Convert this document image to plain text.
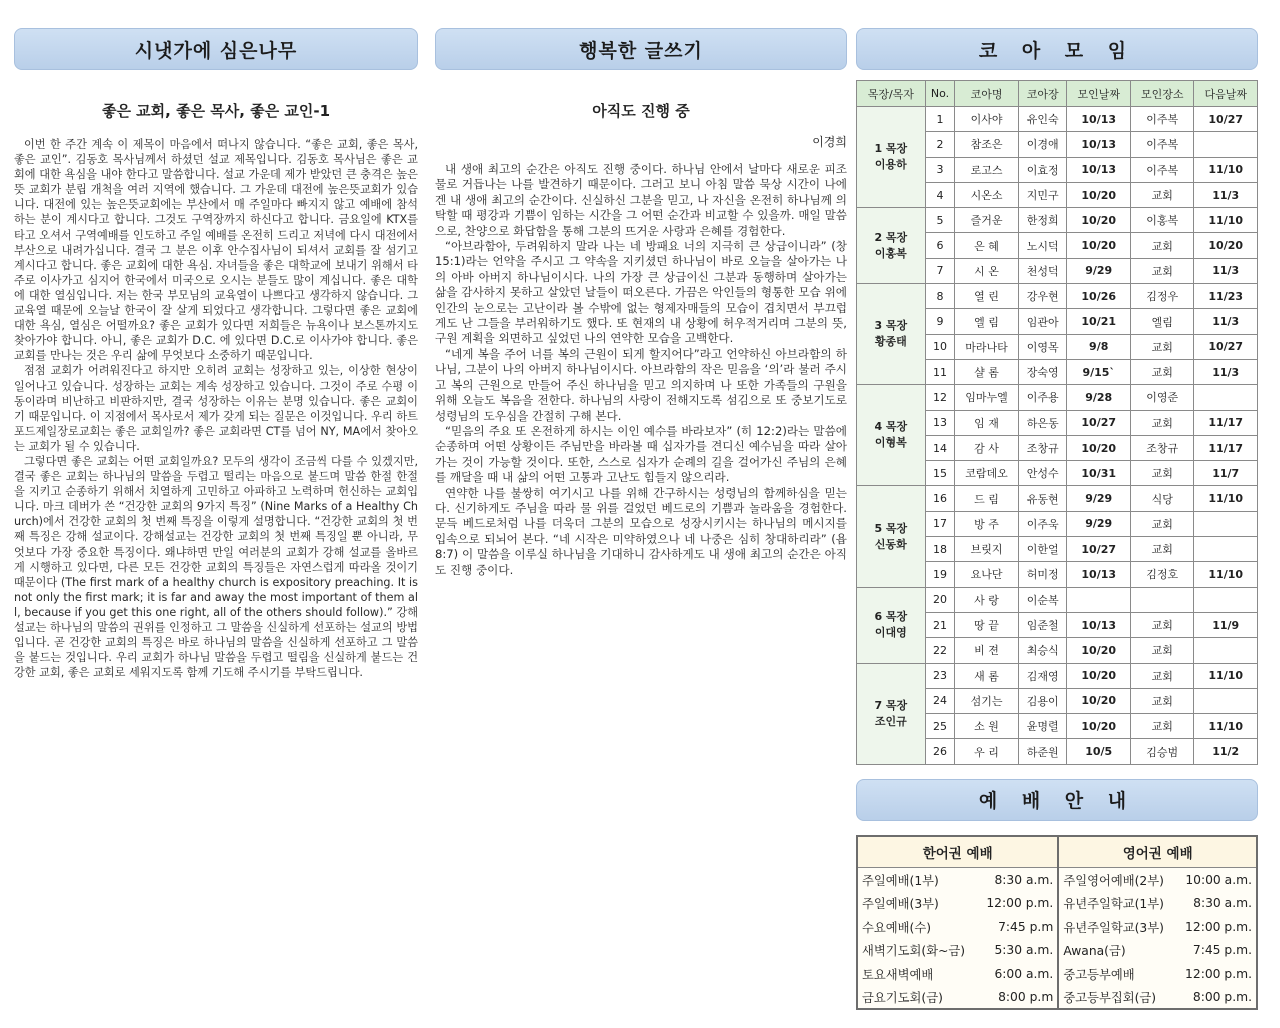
시냇가에 심은나무
좋은 교회, 좋은 목사, 좋은 교인-1

이번 한 주간 계속 이 제목이 마음에서 떠나지 않습니다. “좋은 교회, 좋은 목사, 좋은 교인”. 김동호 목사님께서 하셨던 설교 제목입니다. 김동호 목사님은 좋은 교회에 대한 욕심을 내야 한다고 말씀합니다. 설교 가운데 제가 받았던 큰 충격은 높은뜻 교회가 분립 개척을 여러 지역에 했습니다. 그 가운데 대전에 높은뜻교회가 있습니다. 대전에 있는 높은뜻교회에는 부산에서 매 주일마다 빠지지 않고 예배에 참석하는 분이 계시다고 합니다. 그것도 구역장까지 하신다고 합니다. 금요일에 KTX를 타고 오셔서 구역예배를 인도하고 주일 예배를 온전히 드리고 저녁에 다시 대전에서 부산으로 내려가십니다. 결국 그 분은 이후 안수집사님이 되셔서 교회를 잘 섬기고 계시다고 합니다. 좋은 교회에 대한 욕심. 자녀들을 좋은 대학교에 보내기 위해서 타주로 이사가고 심지어 한국에서 미국으로 오시는 분들도 많이 계십니다. 좋은 대학에 대한 열심입니다. 저는 한국 부모님의 교육열이 나쁘다고 생각하지 않습니다. 그 교육열 때문에 오늘날 한국이 잘 살게 되었다고 생각합니다. 그렇다면 좋은 교회에 대한 욕심, 열심은 어떨까요? 좋은 교회가 있다면 저희들은 뉴욕이나 보스톤까지도 찾아가야 합니다. 아니, 좋은 교회가 D.C. 에 있다면 D.C.로 이사가야 합니다. 좋은 교회를 만나는 것은 우리 삶에 무엇보다 소중하기 때문입니다.

점점 교회가 어려워진다고 하지만 오히려 교회는 성장하고 있는, 이상한 현상이 일어나고 있습니다. 성장하는 교회는 계속 성장하고 있습니다. 그것이 주로 수평 이동이라며 비난하고 비판하지만, 결국 성장하는 이유는 분명 있습니다. 좋은 교회이기 때문입니다. 이 지점에서 목사로서 제가 갖게 되는 질문은 이것입니다. 우리 하트포드제일장로교회는 좋은 교회일까? 좋은 교회라면 CT를 넘어 NY, MA에서 찾아오는 교회가 될 수 있습니다.

그렇다면 좋은 교회는 어떤 교회일까요? 모두의 생각이 조금씩 다를 수 있겠지만, 결국 좋은 교회는 하나님의 말씀을 두렵고 떨리는 마음으로 붙드며 말씀 한절 한절을 지키고 순종하기 위해서 치열하게 고민하고 아파하고 노력하며 헌신하는 교회입니다. 마크 데버가 쓴 “건강한 교회의 9가지 특징” (Nine Marks of a Healthy Church)에서 건강한 교회의 첫 번째 특징을 이렇게 설명합니다. “건강한 교회의 첫 번째 특징은 강해 설교이다. 강해설교는 건강한 교회의 첫 번째 특징일 뿐 아니라, 무엇보다 가장 중요한 특징이다. 왜냐하면 만일 여러분의 교회가 강해 설교를 올바르게 시행하고 있다면, 다른 모든 건강한 교회의 특징들은 자연스럽게 따라올 것이기 때문이다 (The first mark of a healthy church is expository preaching. It is not only the first mark; it is far and away the most important of them all, because if you get this one right, all of the others should follow).” 강해 설교는 하나님의 말씀의 권위를 인정하고 그 말씀을 신실하게 선포하는 설교의 방법입니다. 곧 건강한 교회의 특징은 바로 하나님의 말씀을 신실하게 선포하고 그 말씀을 붙드는 것입니다. 우리 교회가 하나님 말씀을 두렵고 떨림을 신실하게 붙드는 건강한 교회, 좋은 교회로 세워지도록 함께 기도해 주시기를 부탁드립니다.

행복한 글쓰기
아직도 진행 중
이경희

내 생애 최고의 순간은 아직도 진행 중이다. 하나님 안에서 날마다 새로운 피조물로 거듭나는 나를 발견하기 때문이다. 그러고 보니 아침 말씀 묵상 시간이 나에겐 내 생애 최고의 순간이다. 신실하신 그분을 믿고, 나 자신을 온전히 하나님께 의탁할 때 평강과 기쁨이 임하는 시간을 그 어떤 순간과 비교할 수 있을까. 매일 말씀으로, 찬양으로 화답함을 통해 그분의 뜨거운 사랑과 은혜를 경험한다.

“아브라함아, 두려워하지 말라 나는 네 방패요 너의 지극히 큰 상급이니라” (창 15:1)라는 언약을 주시고 그 약속을 지키셨던 하나님이 바로 오늘을 살아가는 나의 아바 아버지 하나님이시다. 나의 가장 큰 상급이신 그분과 동행하며 살아가는 삶을 감사하지 못하고 살았던 날들이 떠오른다. 가끔은 악인들의 형통한 모습 위에 인간의 눈으로는 고난이라 볼 수밖에 없는 형제자매들의 모습이 겹치면서 부끄럽게도 난 그들을 부러워하기도 했다. 또 현재의 내 상황에 허우적거리며 그분의 뜻, 구원 계획을 외면하고 싶었던 나의 연약한 모습을 고백한다.

“네게 복을 주어 너를 복의 근원이 되게 할지어다”라고 언약하신 아브라함의 하나님, 그분이 나의 아버지 하나님이시다. 아브라함의 작은 믿음을 ‘의’라 불러 주시고 복의 근원으로 만들어 주신 하나님을 믿고 의지하며 나 또한 가족들의 구원을 위해 오늘도 복음을 전한다. 하나님의 사랑이 전해지도록 섬김으로 또 중보기도로 성령님의 도우심을 간절히 구해 본다.

“믿음의 주요 또 온전하게 하시는 이인 예수를 바라보자” (히 12:2)라는 말씀에 순종하며 어떤 상황이든 주님만을 바라볼 때 십자가를 견디신 예수님을 따라 살아가는 것이 가능할 것이다. 또한, 스스로 십자가 순례의 길을 걸어가신 주님의 은혜를 깨달을 때 내 삶의 어떤 고통과 고난도 힘들지 않으리라.

연약한 나를 불쌍히 여기시고 나를 위해 간구하시는 성령님의 함께하심을 믿는다. 신기하게도 주님을 따라 물 위를 걸었던 베드로의 기쁨과 놀라움을 경험한다. 문득 베드로처럼 나를 더욱더 그분의 모습으로 성장시키시는 하나님의 메시지를 입속으로 되뇌어 본다. “네 시작은 미약하였으나 네 나중은 심히 창대하리라” (욥 8:7) 이 말씀을 이루실 하나님을 기대하니 감사하게도 내 생애 최고의 순간은 아직도 진행 중이다.

코 아 모 임
목장/목자	No.	코아명	코아장	모인날짜	모인장소	다음날짜

1 목장
이용하	1	이사야	유인숙	10/13	이주복	10/27
	2	참조은	이경애	10/13	이주복	
	3	로고스	이효정	10/13	이주복	11/10
	4	시온소	지민구	10/20	교회	11/3

2 목장
이홍복	5	즐거운	한정희	10/20	이홍복	11/10
	6	은 혜	노시덕	10/20	교회	10/20
	7	시 온	천성덕	9/29	교회	11/3

3 목장
황종태	8	열 린	강우현	10/26	김정우	11/23
	9	엘 림	임관아	10/21	엘림	11/3
	10	마라나타	이영목	9/8	교회	10/27
	11	샬 롬	장숙영	9/15`	교회	11/3

4 목장
이형복	12	임마누엘	이주용	9/28	이영준	
	13	임 재	하은동	10/27	교회	11/17
	14	감 사	조창규	10/20	조창규	11/17
	15	코람데오	안성수	10/31	교회	11/7

5 목장
신동화	16	드 림	유동현	9/29	식당	11/10
	17	방 주	이주욱	9/29	교회	
	18	브릿지	이한얼	10/27	교회	
	19	요나단	허미정	10/13	김정호	11/10

6 목장
이대영	20	사 랑	이순복			
	21	땅 끝	임준철	10/13	교회	11/9
	22	비 젼	최승식	10/20	교회	

7 목장
조인규	23	새 롬	김재영	10/20	교회	11/10
	24	섬기는	김용이	10/20	교회	
	25	소 원	윤명렬	10/20	교회	11/10
	26	우 리	하준원	10/5	김승범	11/2
예 배 안 내
한어권 예배		영어권 예배	
주일예배(1부)	8:30 a.m.	주일영어예배(2부)	10:00 a.m.
주일예배(3부)	12:00 p.m.	유년주일학교(1부)	8:30 a.m.
수요예배(수)	7:45 p.m	유년주일학교(3부)	12:00 p.m.
새벽기도회(화~금)	5:30 a.m.	Awana(금)	7:45 p.m.
토요새벽예배	6:00 a.m.	중고등부예배	12:00 p.m.
금요기도회(금)	8:00 p.m	중고등부집회(금)	8:00 p.m.
